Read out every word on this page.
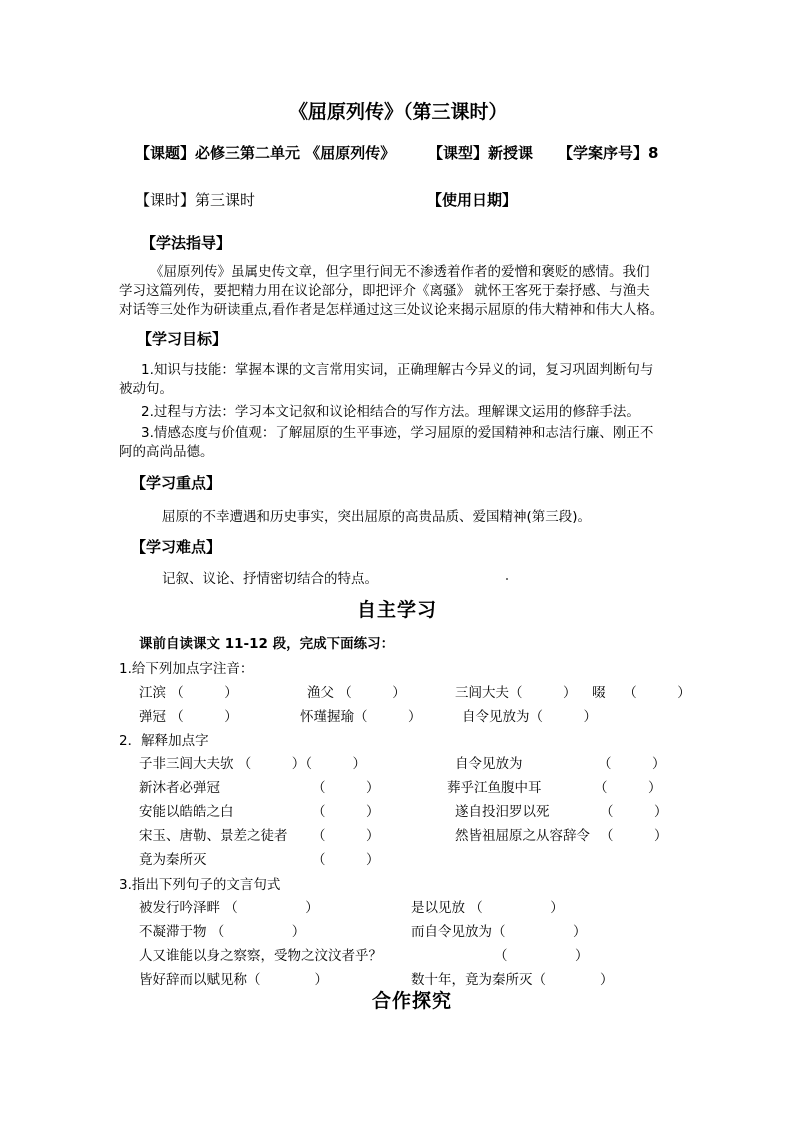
《屈原列传》（第三课时）
【课题】必修三第二单元 《屈原列传》 【课型】新授课 【学案序号】8
【课时】第三课时	【使用日期】
【学法指导】
《屈原列传》虽属史传文章，但字里行间无不渗透着作者的爱憎和褒贬的感情。我们
学习这篇列传，要把精力用在议论部分，即把评介《离骚》 就怀王客死于秦抒感、与渔夫
对话等三处作为研读重点,看作者是怎样通过这三处议论来揭示屈原的伟大精神和伟大人格。
【学习目标】
1.知识与技能：掌握本课的文言常用实词，正确理解古今异义的词，复习巩固判断句与
被动句。
2.过程与方法：学习本文记叙和议论相结合的写作方法。理解课文运用的修辞手法。
3.情感态度与价值观：了解屈原的生平事迹，学习屈原的爱国精神和志洁行廉、刚正不
阿的高尚品德。
【学习重点】
屈原的不幸遭遇和历史事实，突出屈原的高贵品质、爱国精神(第三段)。
【学习难点】
记叙、议论、抒情密切结合的特点。
自主学习
课前自读课文 11-12 段，完成下面练习：
1.给下列加点字注音：
江滨 （　　　）	渔父 （　　　）	三闾大夫（　　　） 啜　 （　　　）
弹冠 （　　　）	怀瑾握瑜（　　　）	自令见放为（　　　）
2．解释加点字
子非三闾大夫欤 （　　　）（　　　）	自令见放为	（　　　）
新沐者必弹冠	（　　　）	葬乎江鱼腹中耳	（　　　）
安能以皓皓之白	（　　　）	遂自投汨罗以死	（　　　）
宋玉、唐勒、景差之徒者 （　　　）	然皆祖屈原之从容辞令 （　　　）
竟为秦所灭	（　　　）
3.指出下列句子的文言句式
被发行吟泽畔 （　　　　　）	是以见放 （　　　　　）
不凝滞于物 （　　　　　）	而自令见放为（　　　　　）
人又谁能以身之察察，受物之汶汶者乎？	（　　　　　）
皆好辞而以赋见称（　　　　）	数十年，竟为秦所灭（　　　　）
合作探究
